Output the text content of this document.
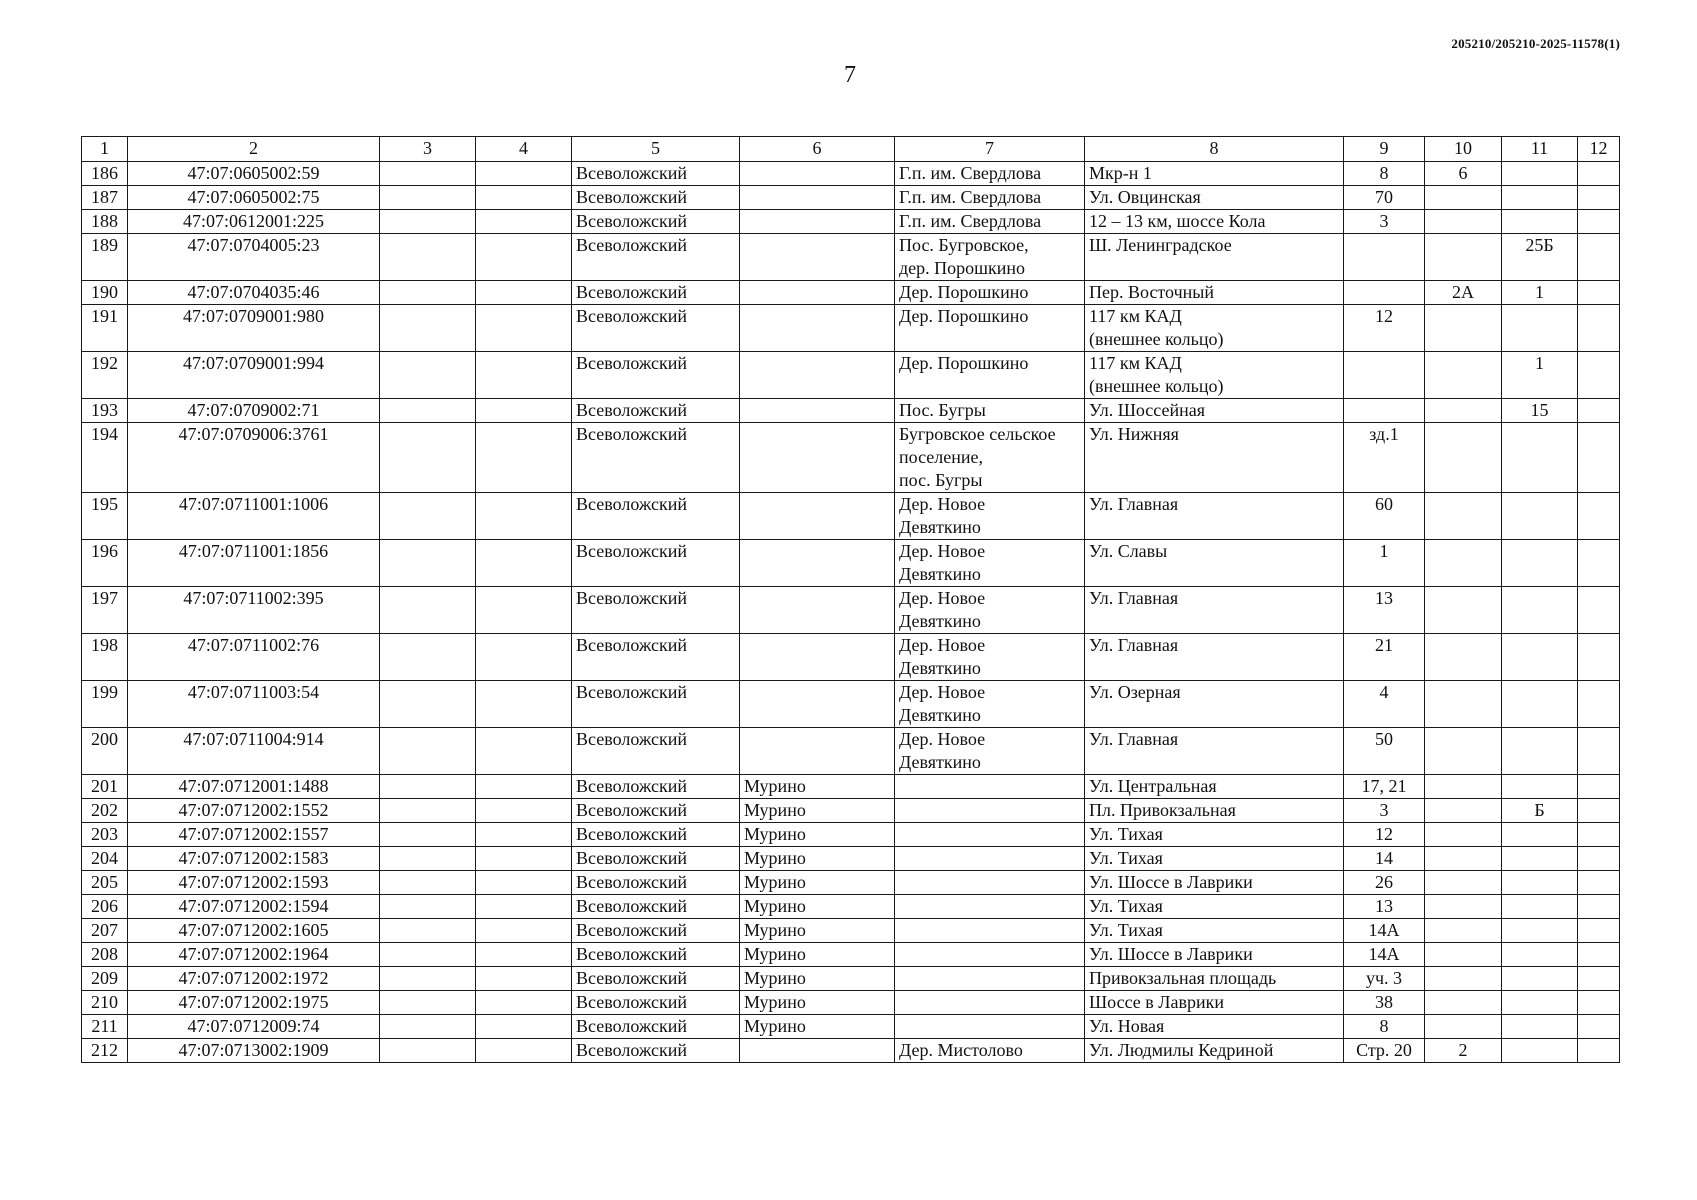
205210/205210-2025-11578(1)
7
1	2	3	4	5	6	7	8	9	10	11	12
186	47:07:0605002:59			Всеволожский		Г.п. им. Свердлова	Мкр-н 1	8	6		
187	47:07:0605002:75			Всеволожский		Г.п. им. Свердлова	Ул. Овцинская	70			
188	47:07:0612001:225			Всеволожский		Г.п. им. Свердлова	12 – 13 км, шоссе Кола	3			
189	47:07:0704005:23			Всеволожский		Пос. Бугровское,
дер. Порошкино	Ш. Ленинградское			25Б	
190	47:07:0704035:46			Всеволожский		Дер. Порошкино	Пер. Восточный		2А	1	
191	47:07:0709001:980			Всеволожский		Дер. Порошкино	117 км КАД
(внешнее кольцо)	12			
192	47:07:0709001:994			Всеволожский		Дер. Порошкино	117 км КАД
(внешнее кольцо)			1	
193	47:07:0709002:71			Всеволожский		Пос. Бугры	Ул. Шоссейная			15	
194	47:07:0709006:3761			Всеволожский		Бугровское сельское
поселение,
пос. Бугры	Ул. Нижняя	зд.1			
195	47:07:0711001:1006			Всеволожский		Дер. Новое
Девяткино	Ул. Главная	60			
196	47:07:0711001:1856			Всеволожский		Дер. Новое
Девяткино	Ул. Славы	1			
197	47:07:0711002:395			Всеволожский		Дер. Новое
Девяткино	Ул. Главная	13			
198	47:07:0711002:76			Всеволожский		Дер. Новое
Девяткино	Ул. Главная	21			
199	47:07:0711003:54			Всеволожский		Дер. Новое
Девяткино	Ул. Озерная	4			
200	47:07:0711004:914			Всеволожский		Дер. Новое
Девяткино	Ул. Главная	50			
201	47:07:0712001:1488			Всеволожский	Мурино		Ул. Центральная	17, 21			
202	47:07:0712002:1552			Всеволожский	Мурино		Пл. Привокзальная	3		Б	
203	47:07:0712002:1557			Всеволожский	Мурино		Ул. Тихая	12			
204	47:07:0712002:1583			Всеволожский	Мурино		Ул. Тихая	14			
205	47:07:0712002:1593			Всеволожский	Мурино		Ул. Шоссе в Лаврики	26			
206	47:07:0712002:1594			Всеволожский	Мурино		Ул. Тихая	13			
207	47:07:0712002:1605			Всеволожский	Мурино		Ул. Тихая	14А			
208	47:07:0712002:1964			Всеволожский	Мурино		Ул. Шоссе в Лаврики	14А			
209	47:07:0712002:1972			Всеволожский	Мурино		Привокзальная площадь	уч. 3			
210	47:07:0712002:1975			Всеволожский	Мурино		Шоссе в Лаврики	38			
211	47:07:0712009:74			Всеволожский	Мурино		Ул. Новая	8			
212	47:07:0713002:1909			Всеволожский		Дер. Мистолово	Ул. Людмилы Кедриной	Стр. 20	2		
